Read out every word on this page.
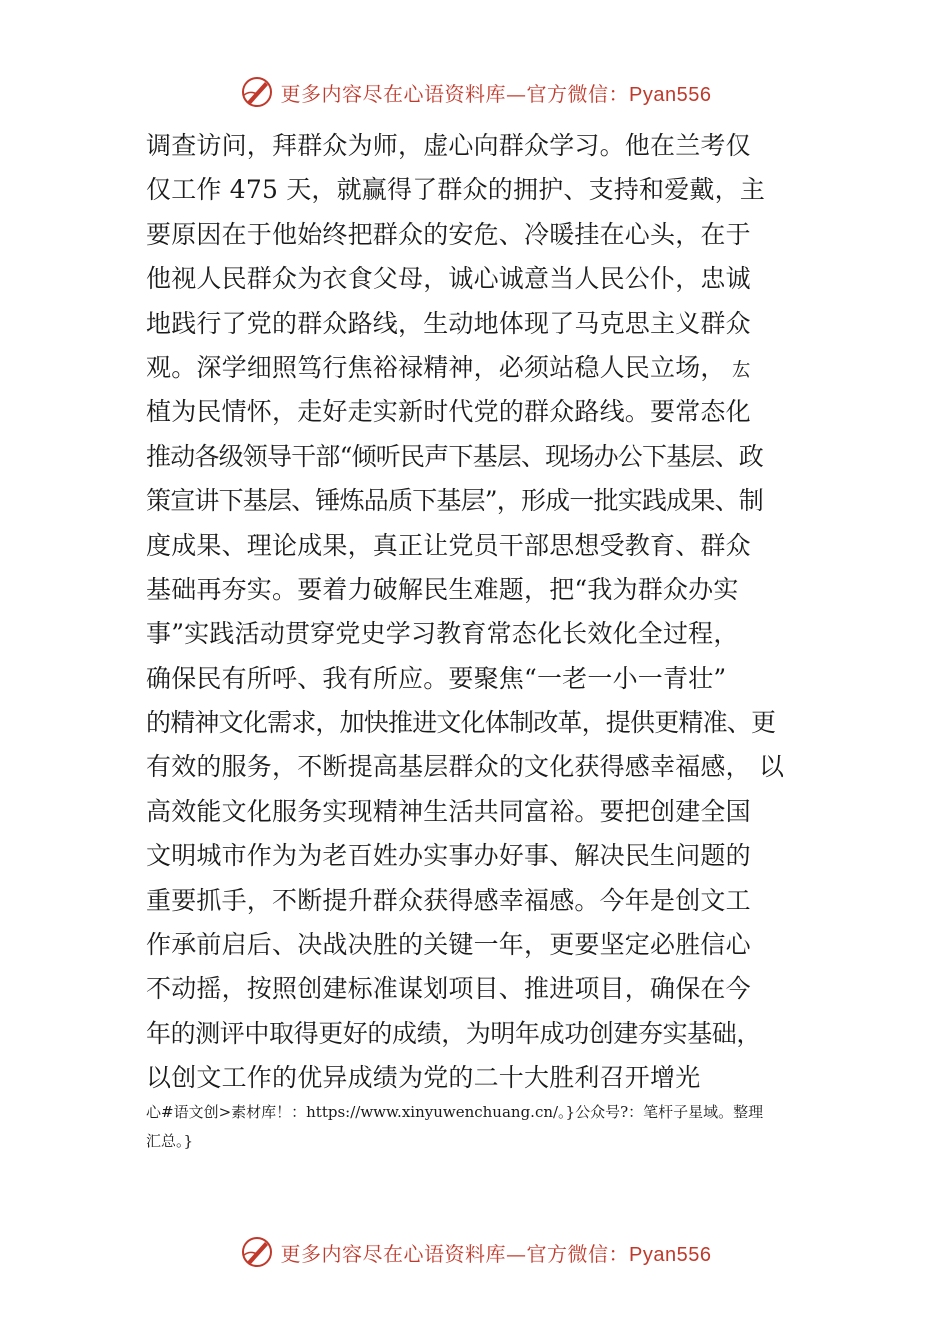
更多内容尽在心语资料库—官方微信：Pyan556
调查访问，拜群众为师，虚心向群众学习。他在兰考仅
仅工作 475 天，就赢得了群众的拥护、支持和爱戴，主
要原因在于他始终把群众的安危、冷暖挂在心头，在于
他视人民群众为衣食父母，诚心诚意当人民公仆，忠诚
地践行了党的群众路线，生动地体现了马克思主义群众
观。深学细照笃行焦裕禄精神，必须站稳人民立场， 厷
植为民情怀，走好走实新时代党的群众路线。要常态化
推动各级领导干部“倾听民声下基层、现场办公下基层、政
策宣讲下基层、锤炼品质下基层”，形成一批实践成果、制
度成果、理论成果，真正让党员干部思想受教育、群众
基础再夯实。要着力破解民生难题，把“我为群众办实
事”实践活动贯穿党史学习教育常态化长效化全过程，
确保民有所呼、我有所应。要聚焦“一老一小一青壮”
的精神文化需求，加快推进文化体制改革，提供更精准、更
有效的服务，不断提高基层群众的文化获得感幸福感， 以
高效能文化服务实现精神生活共同富裕。要把创建全国
文明城市作为为老百姓办实事办好事、解决民生问题的
重要抓手，不断提升群众获得感幸福感。今年是创文工
作承前启后、决战决胜的关键一年，更要坚定必胜信心
不动摇，按照创建标准谋划项目、推进项目，确保在今
年的测评中取得更好的成绩，为明年成功创建夯实基础，
以创文工作的优异成绩为党的二十大胜利召开增光
心#语文创>素材库！：https://www.xinyuwenchuang.cn/。}公众号?：笔杆子星域。整理
汇总。}
更多内容尽在心语资料库—官方微信：Pyan556
